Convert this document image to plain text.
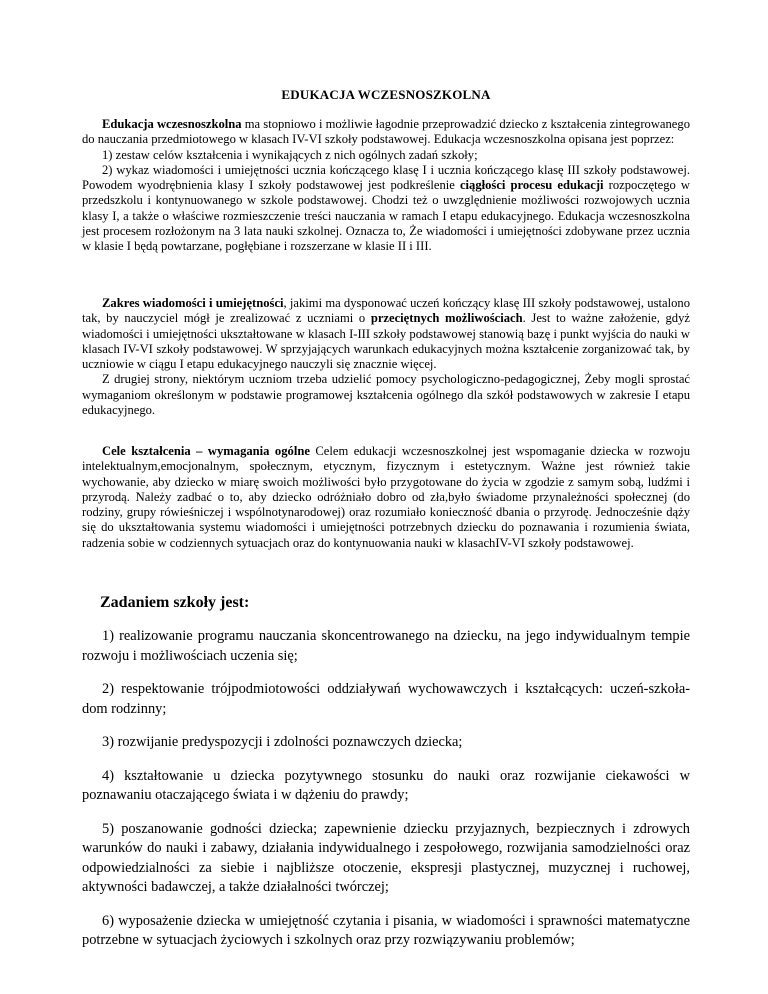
EDUKACJA WCZESNOSZKOLNA

Edukacja wczesnoszkolna ma stopniowo i możliwie łagodnie przeprowadzić dziecko z kształcenia zintegrowanego do nauczania przedmiotowego w klasach IV-VI szkoły podstawowej. Edukacja wczesnoszkolna opisana jest poprzez:

1) zestaw celów kształcenia i wynikających z nich ogólnych zadań szkoły;

2) wykaz wiadomości i umiejętności ucznia kończącego klasę I i ucznia kończącego klasę III szkoły podstawowej. Powodem wyodrębnienia klasy I szkoły podstawowej jest podkreślenie ciągłości procesu edukacji rozpoczętego w przedszkolu i kontynuowanego w szkole podstawowej. Chodzi też o uwzględnienie możliwości rozwojowych ucznia klasy I, a także o właściwe rozmieszczenie treści nauczania w ramach I etapu edukacyjnego. Edukacja wczesnoszkolna jest procesem rozłożonym na 3 lata nauki szkolnej. Oznacza to, Że wiadomości i umiejętności zdobywane przez ucznia w klasie I będą powtarzane, pogłębiane i rozszerzane w klasie II i III.

Zakres wiadomości i umiejętności, jakimi ma dysponować uczeń kończący klasę III szkoły podstawowej, ustalono tak, by nauczyciel mógł je zrealizować z uczniami o przeciętnych możliwościach. Jest to ważne założenie, gdyż wiadomości i umiejętności ukształtowane w klasach I-III szkoły podstawowej stanowią bazę i punkt wyjścia do nauki w klasach IV-VI szkoły podstawowej. W sprzyjających warunkach edukacyjnych można kształcenie zorganizować tak, by uczniowie w ciągu I etapu edukacyjnego nauczyli się znacznie więcej.

Z drugiej strony, niektórym uczniom trzeba udzielić pomocy psychologiczno-pedagogicznej, Żeby mogli sprostać wymaganiom określonym w podstawie programowej kształcenia ogólnego dla szkół podstawowych w zakresie I etapu edukacyjnego.

Cele kształcenia – wymagania ogólne Celem edukacji wczesnoszkolnej jest wspomaganie dziecka w rozwoju intelektualnym,emocjonalnym, społecznym, etycznym, fizycznym i estetycznym. Ważne jest również takie wychowanie, aby dziecko w miarę swoich możliwości było przygotowane do życia w zgodzie z samym sobą, ludźmi i przyrodą. Należy zadbać o to, aby dziecko odróżniało dobro od zła,było świadome przynależności społecznej (do rodziny, grupy rówieśniczej i wspólnotynarodowej) oraz rozumiało konieczność dbania o przyrodę. Jednocześnie dąży się do ukształtowania systemu wiadomości i umiejętności potrzebnych dziecku do poznawania i rozumienia świata, radzenia sobie w codziennych sytuacjach oraz do kontynuowania nauki w klasachIV-VI szkoły podstawowej.

Zadaniem szkoły jest:

1) realizowanie programu nauczania skoncentrowanego na dziecku, na jego indywidualnym tempie rozwoju i możliwościach uczenia się;

2) respektowanie trójpodmiotowości oddziaływań wychowawczych i kształcących: uczeń-szkoła-dom rodzinny;

3) rozwijanie predyspozycji i zdolności poznawczych dziecka;

4) kształtowanie u dziecka pozytywnego stosunku do nauki oraz rozwijanie ciekawości w poznawaniu otaczającego świata i w dążeniu do prawdy;

5) poszanowanie godności dziecka; zapewnienie dziecku przyjaznych, bezpiecznych i zdrowych warunków do nauki i zabawy, działania indywidualnego i zespołowego, rozwijania samodzielności oraz odpowiedzialności za siebie i najbliższe otoczenie, ekspresji plastycznej, muzycznej i ruchowej, aktywności badawczej, a także działalności twórczej;

6) wyposażenie dziecka w umiejętność czytania i pisania, w wiadomości i sprawności matematyczne potrzebne w sytuacjach życiowych i szkolnych oraz przy rozwiązywaniu problemów;
